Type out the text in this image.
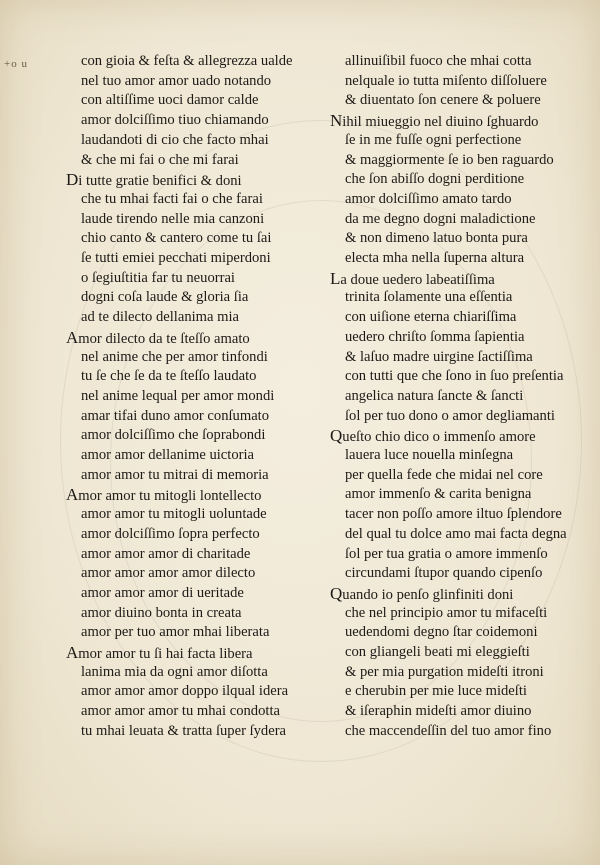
+o u	con gioia & feſta & allegrezza ualde
nel tuo amor amor uado notando
con altiſſime uoci damor calde
amor dolciſſimo tiuo chiamando
laudandoti di cio che facto mhai
& che mi fai o che mi farai
Di tutte gratie benifici & doni
che tu mhai facti fai o che farai
laude tirendo nelle mia canzoni
chio canto & cantero come tu ſai
ſe tutti emiei pecchati miperdoni
o ſegiuſtitia far tu neuorrai
dogni coſa laude & gloria ſia
ad te dilecto dellanima mia
Amor dilecto da te ſteſſo amato
nel anime che per amor tinfondi
tu ſe che ſe da te ſteſſo laudato
nel anime lequal per amor mondi
amar tifai duno amor conſumato
amor dolciſſimo che ſoprabondi
amor amor dellanime uictoria
amor amor tu mitrai di memoria
Amor amor tu mitogli lontellecto
amor amor tu mitogli uoluntade
amor dolciſſimo ſopra perfecto
amor amor amor di charitade
amor amor amor amor dilecto
amor amor amor di ueritade
amor diuino bonta in creata
amor per tuo amor mhai liberata
Amor amor tu ſi hai facta libera
lanima mia da ogni amor diſotta
amor amor amor doppo ilqual idera
amor amor amor tu mhai condotta
tu mhai leuata & tratta ſuper ſydera
allinuiſibil fuoco che mhai cotta
nelquale io tutta miſento diſſoluere
& diuentato ſon cenere & poluere
Nihil miueggio nel diuino ſghuardo
ſe in me fuſſe ogni perfectione
& maggiormente ſe io ben raguardo
che ſon abiſſo dogni perditione
amor dolciſſimo amato tardo
da me degno dogni maladictione
& non dimeno latuo bonta pura
electa mha nella ſuperna altura
La doue uedero labeatiſſima
trinita ſolamente una eſſentia
con uiſione eterna chiariſſima
uedero chriſto ſomma ſapientia
& laſuo madre uirgine ſactiſſima
con tutti que che ſono in ſuo preſentia
angelica natura ſancte & ſancti
ſol per tuo dono o amor degliamanti
Queſto chio dico o immenſo amore
lauera luce nouella minſegna
per quella fede che midai nel core
amor immenſo & carita benigna
tacer non poſſo amore iltuo ſplendore
del qual tu dolce amo mai facta degna
ſol per tua gratia o amore immenſo
circundami ſtupor quando cipenſo
Quando io penſo glinfiniti doni
che nel principio amor tu mifaceſti
uedendomi degno ſtar coidemoni
con gliangeli beati mi eleggieſti
& per mia purgation mideſti itroni
e cherubin per mie luce mideſti
& iſeraphin mideſti amor diuino
che maccendeſſin del tuo amor fino
